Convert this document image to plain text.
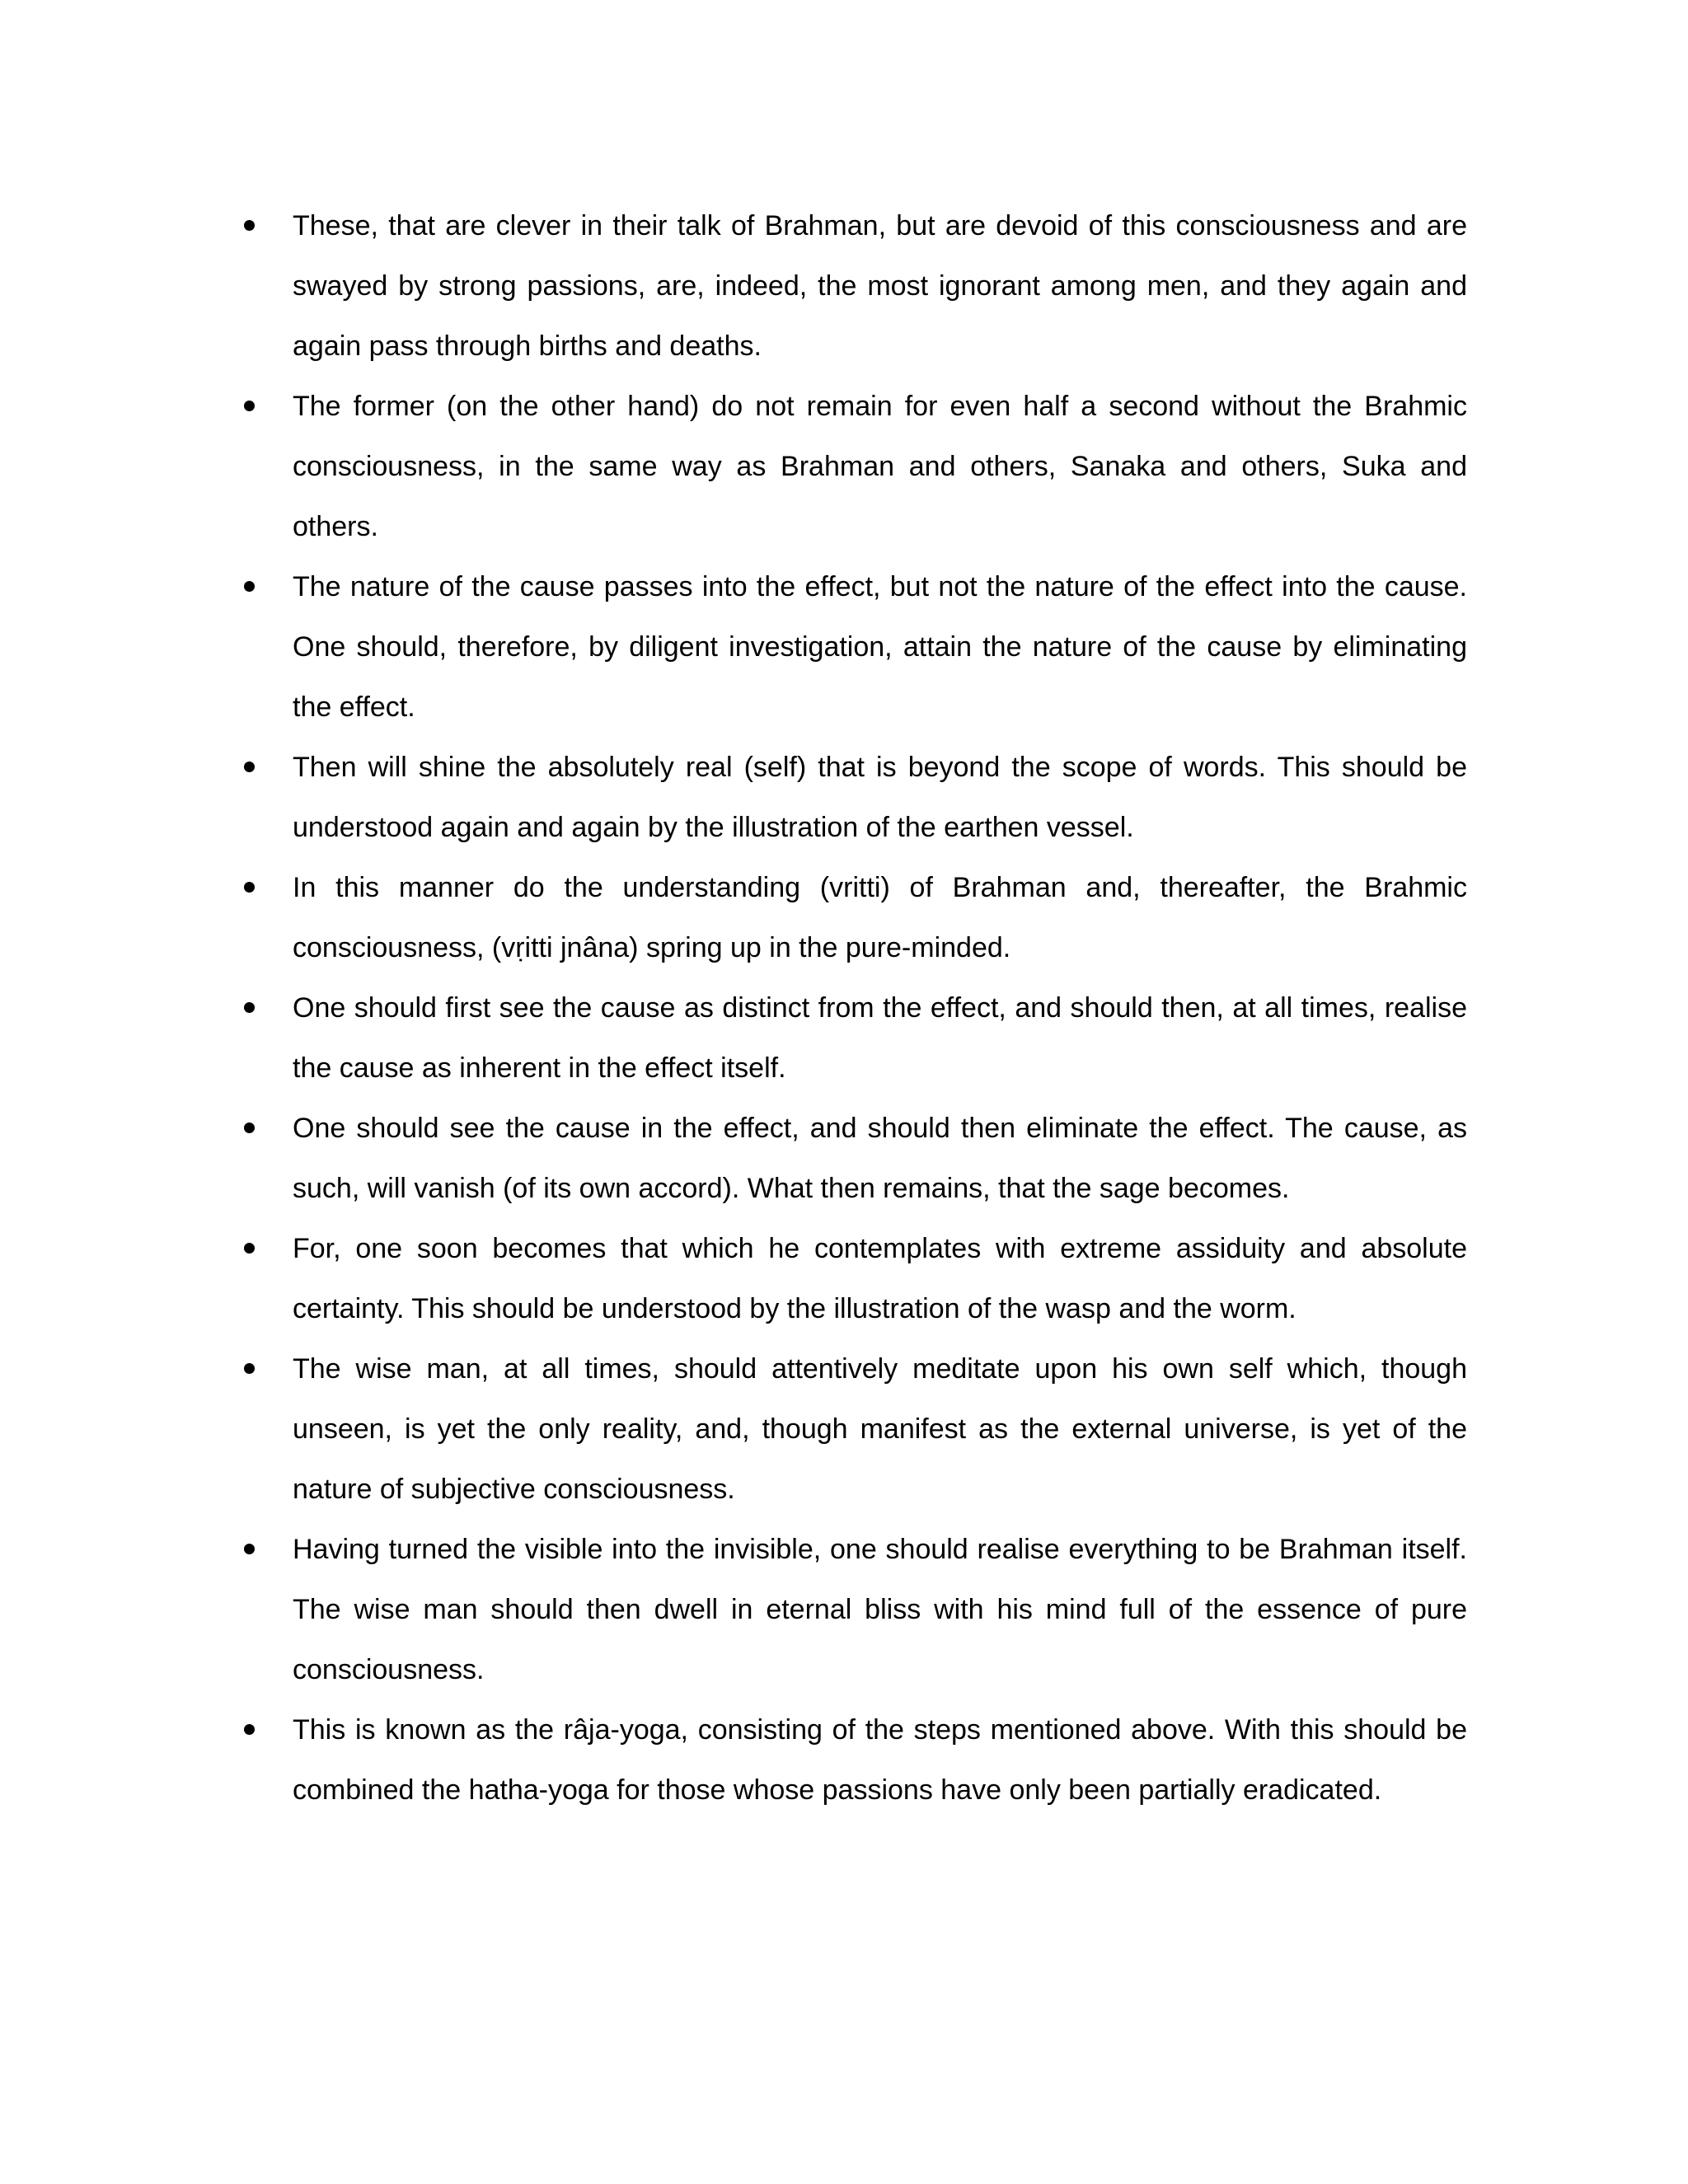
These, that are clever in their talk of Brahman, but are devoid of this consciousness and are swayed by strong passions, are, indeed, the most ignorant among men, and they again and again pass through births and deaths.
The former (on the other hand) do not remain for even half a second without the Brahmic consciousness, in the same way as Brahman and others, Sanaka and others, Suka and others.
The nature of the cause passes into the effect, but not the nature of the effect into the cause. One should, therefore, by diligent investigation, attain the nature of the cause by eliminating the effect.
Then will shine the absolutely real (self) that is beyond the scope of words. This should be understood again and again by the illustration of the earthen vessel.
In this manner do the understanding (vritti) of Brahman and, thereafter, the Brahmic consciousness, (vṛitti jnâna) spring up in the pure-minded.
One should first see the cause as distinct from the effect, and should then, at all times, realise the cause as inherent in the effect itself.
One should see the cause in the effect, and should then eliminate the effect. The cause, as such, will vanish (of its own accord). What then remains, that the sage becomes.
For, one soon becomes that which he contemplates with extreme assiduity and absolute certainty. This should be understood by the illustration of the wasp and the worm.
The wise man, at all times, should attentively meditate upon his own self which, though unseen, is yet the only reality, and, though manifest as the external universe, is yet of the nature of subjective consciousness.
Having turned the visible into the invisible, one should realise everything to be Brahman itself. The wise man should then dwell in eternal bliss with his mind full of the essence of pure consciousness.
This is known as the râja-yoga, consisting of the steps mentioned above. With this should be combined the hatha-yoga for those whose passions have only been partially eradicated.
